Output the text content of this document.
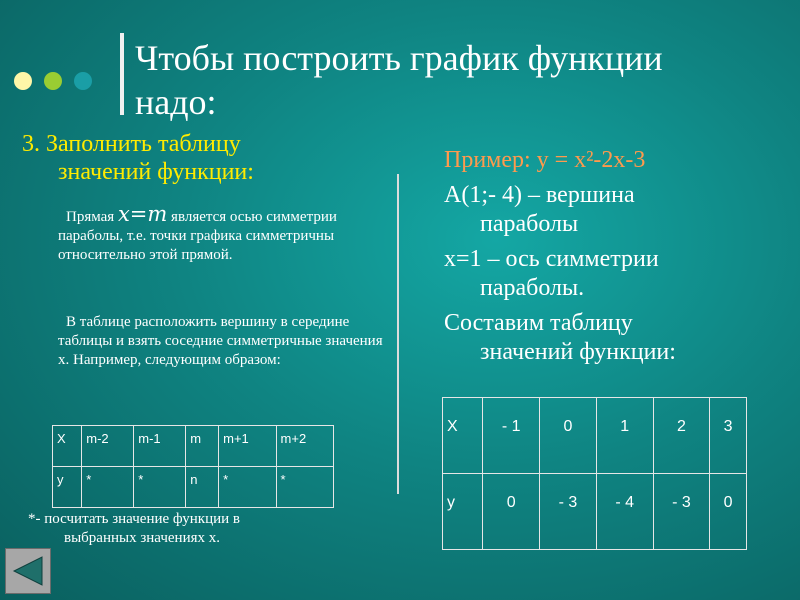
Чтобы построить график функции
надо:
3. Заполнить таблицу
значений функции:
Прямая х=m является осью симметрии параболы, т.е. точки графика симметричны относительно этой прямой.
В таблице расположить вершину в середине таблицы и взять соседние симметричные значения х. Например, следующим образом:
X	m-2	m-1	m	m+1	m+2
у	*	*	n	*	*
*- посчитать значение функции в
выбранных значениях х.
Пример: у = х²-2х-3
А(1;- 4) – вершина
параболы
х=1 – ось симметрии
параболы.
Составим таблицу
значений функции:
X	- 1	0	1	2	3
у	0	- 3	- 4	- 3	0
